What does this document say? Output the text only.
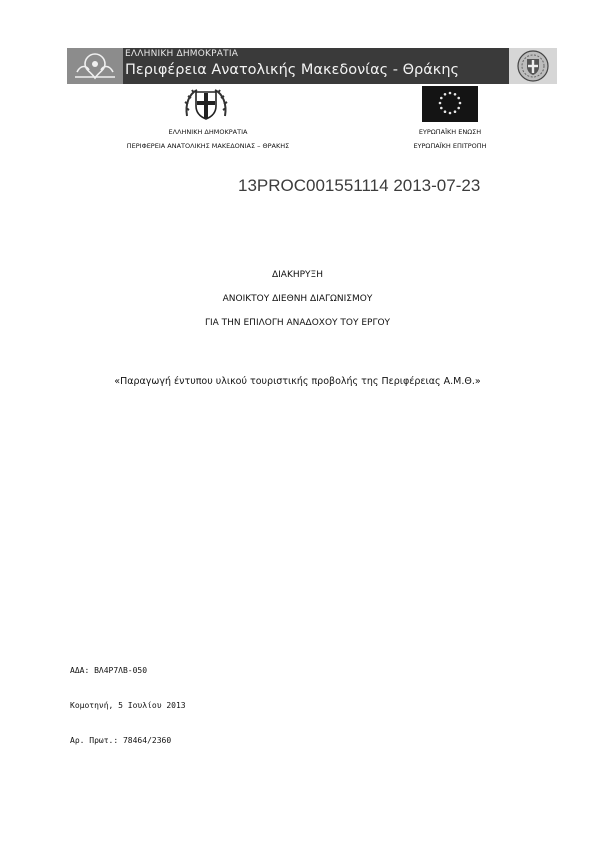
ΕΛΛΗΝΙΚΗ ΔΗΜΟΚΡΑΤΙΑ
Περιφέρεια Ανατολικής Μακεδονίας - Θράκης
ΕΛΛΗΝΙΚΗ ΔΗΜΟΚΡΑΤΙΑ
ΠΕΡΙΦΕΡΕΙΑ ΑΝΑΤΟΛΙΚΗΣ ΜΑΚΕΔΟΝΙΑΣ – ΘΡΑΚΗΣ
ΕΥΡΩΠΑΪΚΗ ΕΝΩΣΗ
ΕΥΡΩΠΑΪΚΗ ΕΠΙΤΡΟΠΗ
13PROC001551114 2013-07-23
ΔΙΑΚΗΡΥΞΗ
ΑΝΟΙΚΤΟΥ ΔΙΕΘΝΗ ΔΙΑΓΩΝΙΣΜΟΥ
ΓΙΑ ΤΗΝ ΕΠΙΛΟΓΗ ΑΝΑΔΟΧΟΥ ΤΟΥ ΕΡΓΟΥ
«Παραγωγή έντυπου υλικού τουριστικής προβολής της Περιφέρειας Α.Μ.Θ.»
ΑΔΑ: ΒΛ4Ρ7ΛΒ-050
Κομοτηνή, 5 Ιουλίου 2013
Αρ. Πρωτ.: 78464/2360
